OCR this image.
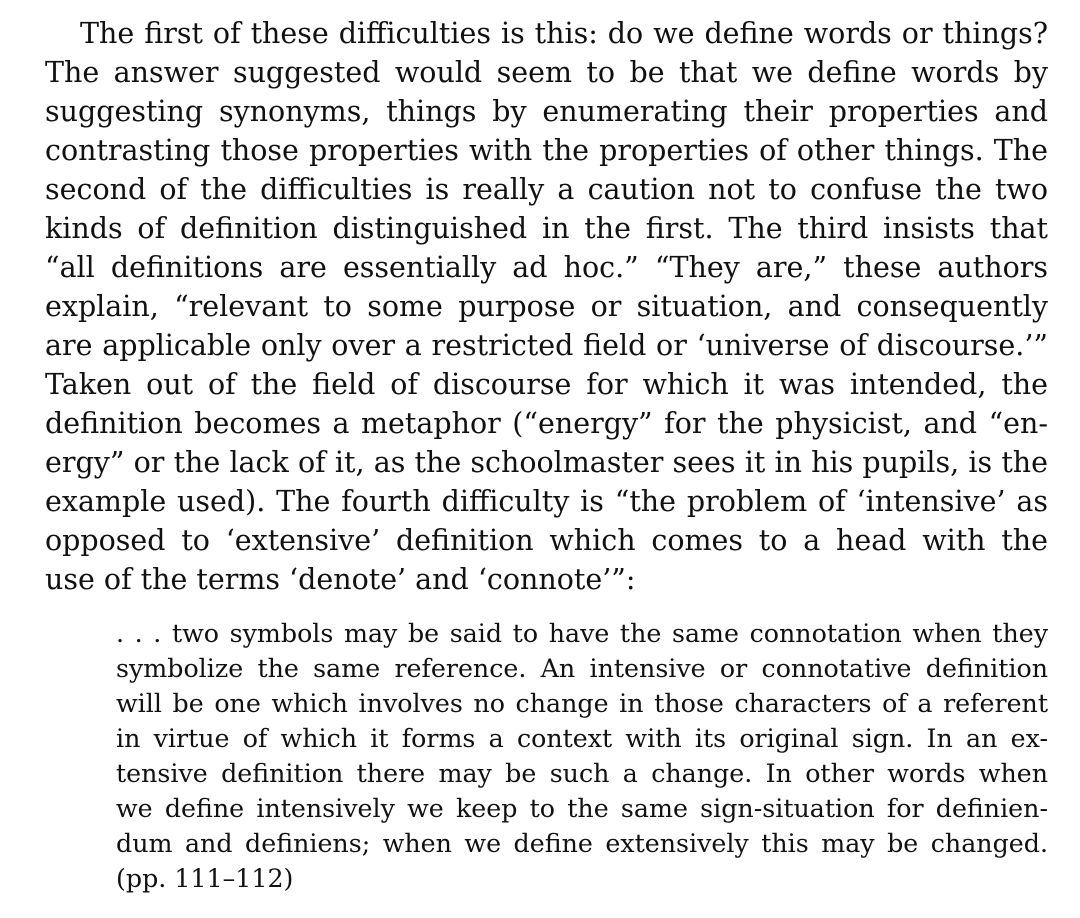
The first of these difficulties is this: do we define words or things?
The answer suggested would seem to be that we define words by
suggesting synonyms, things by enumerating their properties and
contrasting those properties with the properties of other things. The
second of the difficulties is really a caution not to confuse the two
kinds of definition distinguished in the first. The third insists that
“all definitions are essentially ad hoc.” “They are,” these authors
explain, “relevant to some purpose or situation, and consequently
are applicable only over a restricted field or ‘universe of discourse.’”
Taken out of the field of discourse for which it was intended, the
definition becomes a metaphor (“energy” for the physicist, and “en-
ergy” or the lack of it, as the schoolmaster sees it in his pupils, is the
example used). The fourth difficulty is “the problem of ‘intensive’ as
opposed to ‘extensive’ definition which comes to a head with the
use of the terms ‘denote’ and ‘connote’”:
. . . two symbols may be said to have the same connotation when they
symbolize the same reference. An intensive or connotative definition
will be one which involves no change in those characters of a referent
in virtue of which it forms a context with its original sign. In an ex-
tensive definition there may be such a change. In other words when
we define intensively we keep to the same sign-situation for definien-
dum and definiens; when we define extensively this may be changed.
(pp. 111–112)
